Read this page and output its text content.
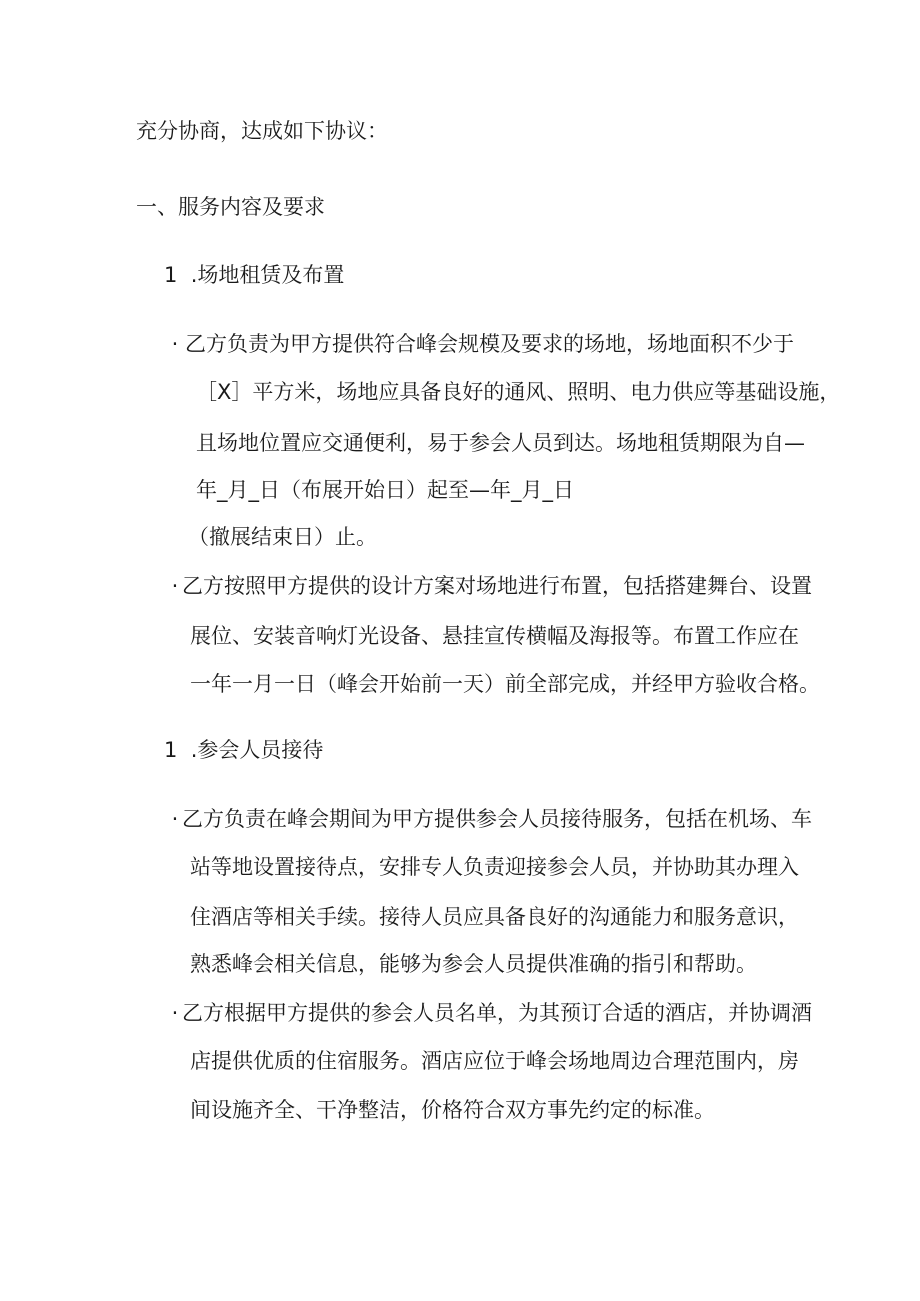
充分协商，达成如下协议：
一、服务内容及要求
1  .场地租赁及布置
· 乙方负责为甲方提供符合峰会规模及要求的场地，场地面积不少于
［X］平方米，场地应具备良好的通风、照明、电力供应等基础设施，
且场地位置应交通便利，易于参会人员到达。场地租赁期限为自—
年_月_日（布展开始日）起至—年_月_日
（撤展结束日）止。
· 乙方按照甲方提供的设计方案对场地进行布置，包括搭建舞台、设置
展位、安装音响灯光设备、悬挂宣传横幅及海报等。布置工作应在
一年一月一日（峰会开始前一天）前全部完成，并经甲方验收合格。
1  .参会人员接待
· 乙方负责在峰会期间为甲方提供参会人员接待服务，包括在机场、车
站等地设置接待点，安排专人负责迎接参会人员，并协助其办理入
住酒店等相关手续。接待人员应具备良好的沟通能力和服务意识，
熟悉峰会相关信息，能够为参会人员提供准确的指引和帮助。
· 乙方根据甲方提供的参会人员名单，为其预订合适的酒店，并协调酒
店提供优质的住宿服务。酒店应位于峰会场地周边合理范围内，房
间设施齐全、干净整洁，价格符合双方事先约定的标准。
